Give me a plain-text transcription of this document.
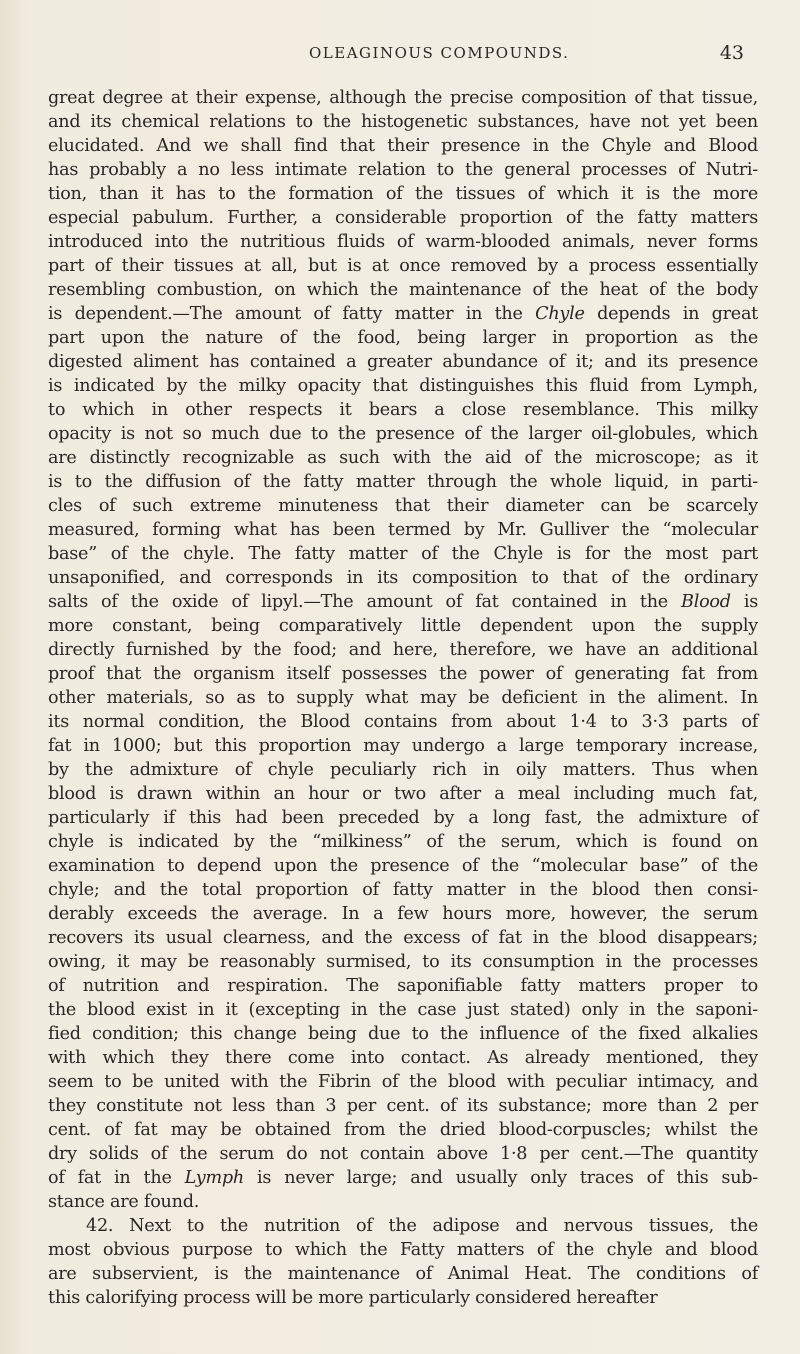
OLEAGINOUS COMPOUNDS.	43
great degree at their expense, although the precise composition of that tissue,
and its chemical relations to the histogenetic substances, have not yet been
elucidated. And we shall find that their presence in the Chyle and Blood
has probably a no less intimate relation to the general processes of Nutri-
tion, than it has to the formation of the tissues of which it is the more
especial pabulum. Further, a considerable proportion of the fatty matters
introduced into the nutritious fluids of warm-blooded animals, never forms
part of their tissues at all, but is at once removed by a process essentially
resembling combustion, on which the maintenance of the heat of the body
is dependent.—The amount of fatty matter in the Chyle depends in great
part upon the nature of the food, being larger in proportion as the
digested aliment has contained a greater abundance of it; and its presence
is indicated by the milky opacity that distinguishes this fluid from Lymph,
to which in other respects it bears a close resemblance. This milky
opacity is not so much due to the presence of the larger oil-globules, which
are distinctly recognizable as such with the aid of the microscope; as it
is to the diffusion of the fatty matter through the whole liquid, in parti-
cles of such extreme minuteness that their diameter can be scarcely
measured, forming what has been termed by Mr. Gulliver the “molecular
base” of the chyle. The fatty matter of the Chyle is for the most part
unsaponified, and corresponds in its composition to that of the ordinary
salts of the oxide of lipyl.—The amount of fat contained in the Blood is
more constant, being comparatively little dependent upon the supply
directly furnished by the food; and here, therefore, we have an additional
proof that the organism itself possesses the power of generating fat from
other materials, so as to supply what may be deficient in the aliment. In
its normal condition, the Blood contains from about 1·4 to 3·3 parts of
fat in 1000; but this proportion may undergo a large temporary increase,
by the admixture of chyle peculiarly rich in oily matters. Thus when
blood is drawn within an hour or two after a meal including much fat,
particularly if this had been preceded by a long fast, the admixture of
chyle is indicated by the “milkiness” of the serum, which is found on
examination to depend upon the presence of the “molecular base” of the
chyle; and the total proportion of fatty matter in the blood then consi-
derably exceeds the average. In a few hours more, however, the serum
recovers its usual clearness, and the excess of fat in the blood disappears;
owing, it may be reasonably surmised, to its consumption in the processes
of nutrition and respiration. The saponifiable fatty matters proper to
the blood exist in it (excepting in the case just stated) only in the saponi-
fied condition; this change being due to the influence of the fixed alkalies
with which they there come into contact. As already mentioned, they
seem to be united with the Fibrin of the blood with peculiar intimacy, and
they constitute not less than 3 per cent. of its substance; more than 2 per
cent. of fat may be obtained from the dried blood-corpuscles; whilst the
dry solids of the serum do not contain above 1·8 per cent.—The quantity
of fat in the Lymph is never large; and usually only traces of this sub-
stance are found.
42. Next to the nutrition of the adipose and nervous tissues, the
most obvious purpose to which the Fatty matters of the chyle and blood
are subservient, is the maintenance of Animal Heat. The conditions of
this calorifying process will be more particularly considered hereafter
